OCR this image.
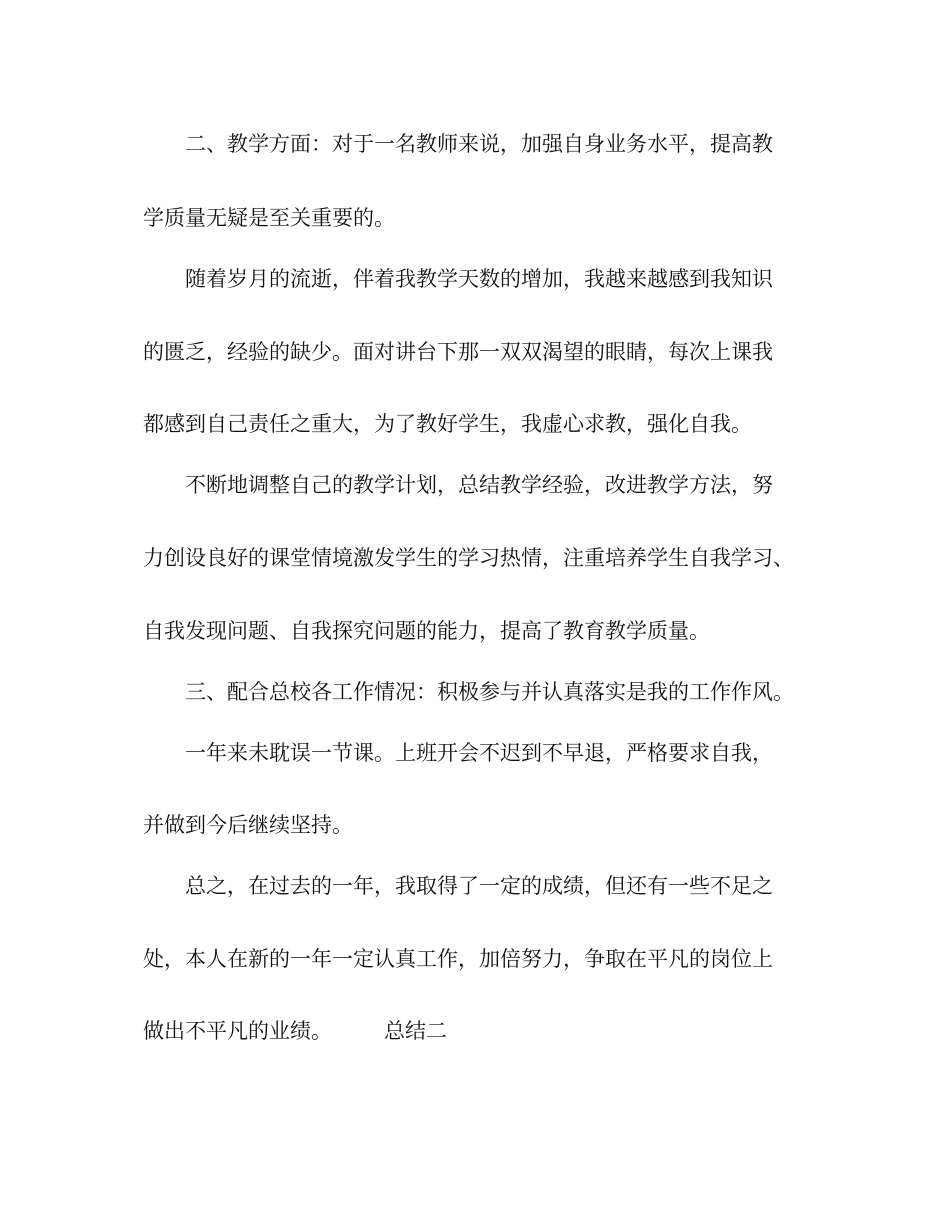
二、教学方面：对于一名教师来说，加强自身业务水平，提高教

学质量无疑是至关重要的。

随着岁月的流逝，伴着我教学天数的增加，我越来越感到我知识

的匮乏，经验的缺少。面对讲台下那一双双渴望的眼睛，每次上课我

都感到自己责任之重大，为了教好学生，我虚心求教，强化自我。

不断地调整自己的教学计划，总结教学经验，改进教学方法，努

力创设良好的课堂情境激发学生的学习热情，注重培养学生自我学习、

自我发现问题、自我探究问题的能力，提高了教育教学质量。

三、配合总校各工作情况：积极参与并认真落实是我的工作作风。

一年来未耽误一节课。上班开会不迟到不早退，严格要求自我，

并做到今后继续坚持。

总之，在过去的一年，我取得了一定的成绩，但还有一些不足之

处，本人在新的一年一定认真工作，加倍努力，争取在平凡的岗位上

做出不平凡的业绩。 总结二
